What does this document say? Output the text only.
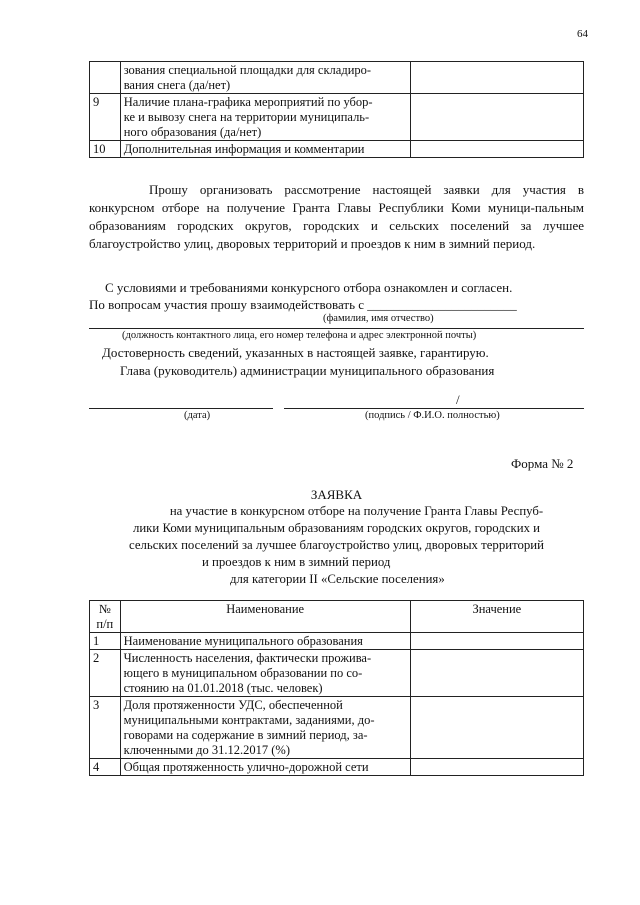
64
	зования специальной площадки для складиро-
вания снега (да/нет)	
9	Наличие плана-графика мероприятий по убор-
ке и вывозу снега на территории муниципаль-
ного образования (да/нет)	
10	Дополнительная информация и комментарии	
Прошу организовать рассмотрение настоящей заявки для участия в конкурсном отборе на получение Гранта Главы Республики Коми муници-пальным образованиям городских округов, городских и сельских поселений за лучшее благоустройство улиц, дворовых территорий и проездов к ним в зимний период.
С условиями и требованиями конкурсного отбора ознакомлен и согласен.
По вопросам участия прошу взаимодействовать с _______________________
(фамилия, имя отчество)
(должность контактного лица, его номер телефона и адрес электронной почты)
Достоверность сведений, указанных в настоящей заявке, гарантирую.
Глава (руководитель) администрации муниципального образования
/
(дата)	(подпись / Ф.И.О. полностью)
Форма № 2
ЗАЯВКА
на участие в конкурсном отборе на получение Гранта Главы Респуб-
лики Коми муниципальным образованиям городских округов, городских и
сельских поселений за лучшее благоустройство улиц, дворовых территорий
и проездов к ним в зимний период
для категории II «Сельские поселения»
№
п/п	Наименование	Значение
1	Наименование муниципального образования	
2	Численность населения, фактически прожива-
ющего в муниципальном образовании по со-
стоянию на 01.01.2018 (тыс. человек)	
3	Доля протяженности УДС, обеспеченной
муниципальными контрактами, заданиями, до-
говорами на содержание в зимний период, за-
ключенными до 31.12.2017 (%)	
4	Общая протяженность улично-дорожной сети	
